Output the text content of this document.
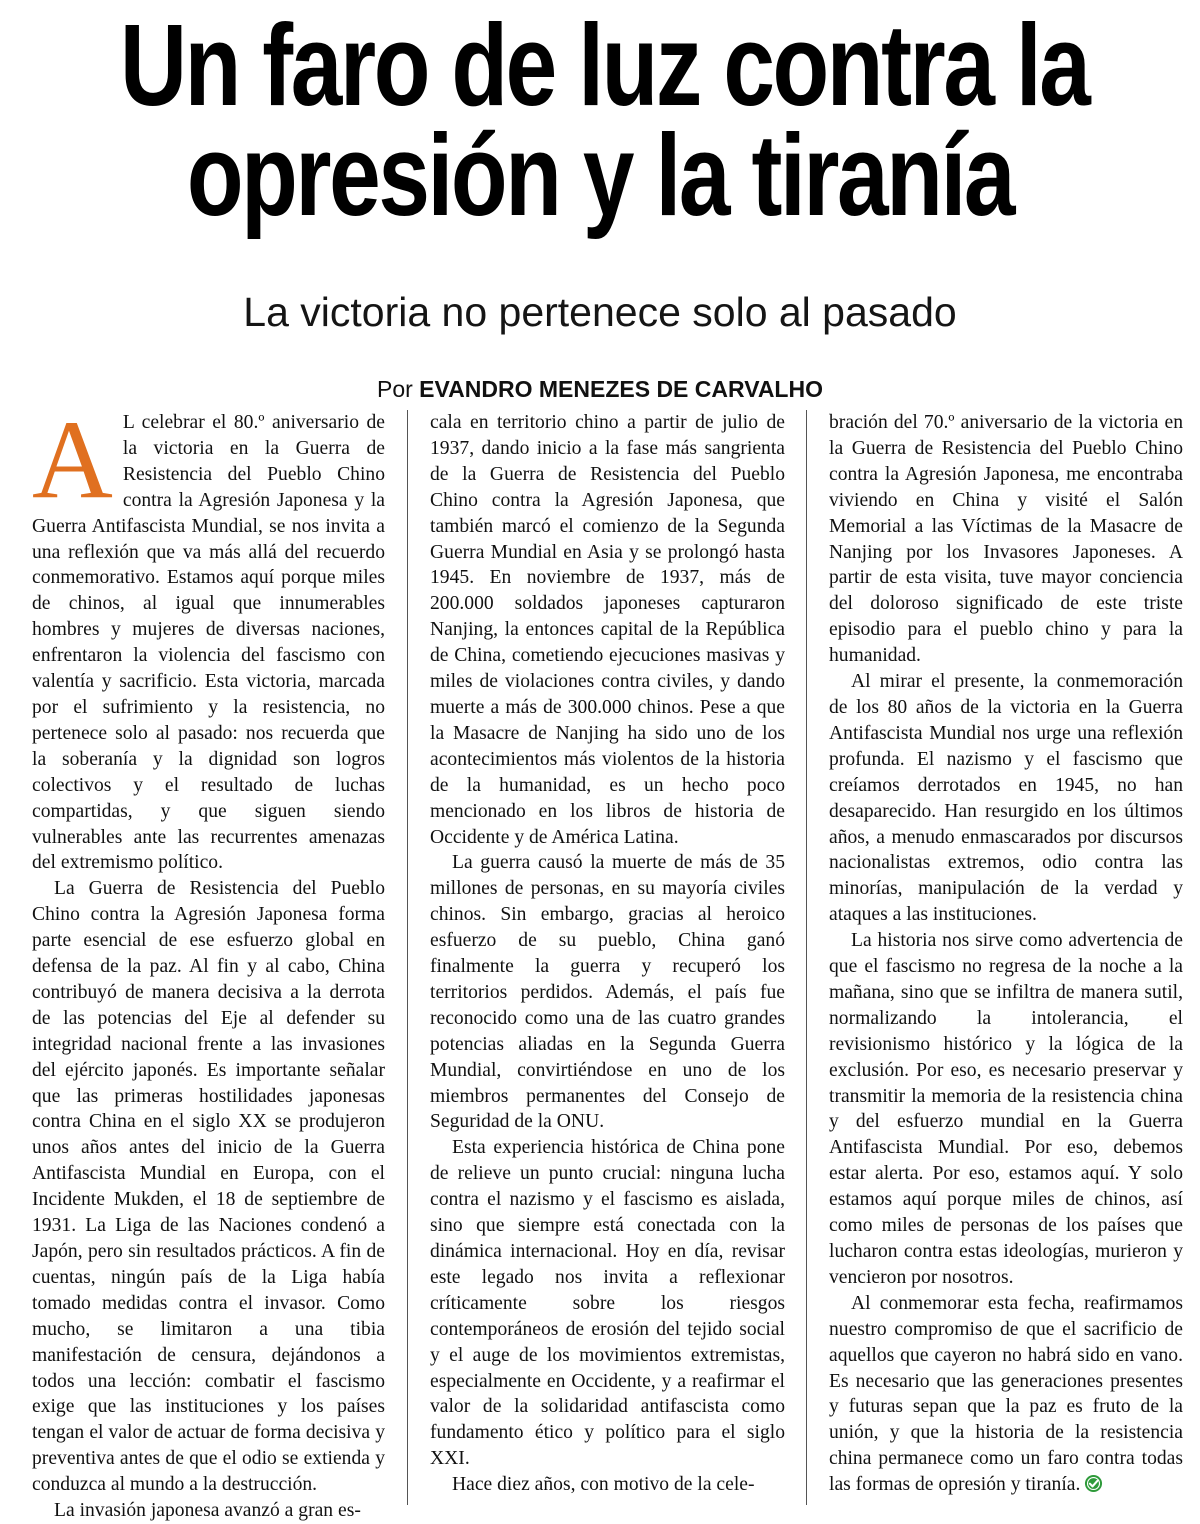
Un faro de luz contra la
opresión y la tiranía
La victoria no pertenece solo al pasado
Por EVANDRO MENEZES DE CARVALHO

A L celebrar el 80.º aniversario de la victoria en la Guerra de Resistencia del Pueblo Chino contra la Agresión Japonesa y la Guerra Antifascista Mundial, se nos invita a una reflexión que va más allá del recuerdo conmemorativo. Estamos aquí porque miles de chinos, al igual que innumerables hombres y mujeres de diversas naciones, enfrentaron la violencia del fascismo con valentía y sacrificio. Esta victoria, marcada por el sufrimiento y la resistencia, no pertenece solo al pasado: nos recuerda que la soberanía y la dignidad son logros colectivos y el resultado de luchas compartidas, y que siguen siendo vulnerables ante las recurrentes amenazas del extremismo político.

La Guerra de Resistencia del Pueblo Chino contra la Agresión Japonesa forma parte esencial de ese esfuerzo global en defensa de la paz. Al fin y al cabo, China contribuyó de manera decisiva a la derrota de las potencias del Eje al defender su integridad nacional frente a las invasiones del ejército japonés. Es importante señalar que las primeras hostilidades japonesas contra China en el siglo XX se produjeron unos años antes del inicio de la Guerra Antifascista Mundial en Europa, con el Incidente Mukden, el 18 de septiembre de 1931. La Liga de las Naciones condenó a Japón, pero sin resultados prácticos. A fin de cuentas, ningún país de la Liga había tomado medidas contra el invasor. Como mucho, se limitaron a una tibia manifestación de censura, dejándonos a todos una lección: combatir el fascismo exige que las instituciones y los países tengan el valor de actuar de forma decisiva y preventiva antes de que el odio se extienda y conduzca al mundo a la destrucción.

La invasión japonesa avanzó a gran es-

cala en territorio chino a partir de julio de 1937, dando inicio a la fase más sangrienta de la Guerra de Resistencia del Pueblo Chino contra la Agresión Japonesa, que también marcó el comienzo de la Segunda Guerra Mundial en Asia y se prolongó hasta 1945. En noviembre de 1937, más de 200.000 soldados japoneses capturaron Nanjing, la entonces capital de la República de China, cometiendo ejecuciones masivas y miles de violaciones contra civiles, y dando muerte a más de 300.000 chinos. Pese a que la Masacre de Nanjing ha sido uno de los acontecimientos más violentos de la historia de la humanidad, es un hecho poco mencionado en los libros de historia de Occidente y de América Latina.

La guerra causó la muerte de más de 35 millones de personas, en su mayoría civiles chinos. Sin embargo, gracias al heroico esfuerzo de su pueblo, China ganó finalmente la guerra y recuperó los territorios perdidos. Además, el país fue reconocido como una de las cuatro grandes potencias aliadas en la Segunda Guerra Mundial, convirtiéndose en uno de los miembros permanentes del Consejo de Seguridad de la ONU.

Esta experiencia histórica de China pone de relieve un punto crucial: ninguna lucha contra el nazismo y el fascismo es aislada, sino que siempre está conectada con la dinámica internacional. Hoy en día, revisar este legado nos invita a reflexionar críticamente sobre los riesgos contemporáneos de erosión del tejido social y el auge de los movimientos extremistas, especialmente en Occidente, y a reafirmar el valor de la solidaridad antifascista como fundamento ético y político para el siglo XXI.

Hace diez años, con motivo de la cele-

bración del 70.º aniversario de la victoria en la Guerra de Resistencia del Pueblo Chino contra la Agresión Japonesa, me encontraba viviendo en China y visité el Salón Memorial a las Víctimas de la Masacre de Nanjing por los Invasores Japoneses. A partir de esta visita, tuve mayor conciencia del doloroso significado de este triste episodio para el pueblo chino y para la humanidad.

Al mirar el presente, la conmemoración de los 80 años de la victoria en la Guerra Antifascista Mundial nos urge una reflexión profunda. El nazismo y el fascismo que creíamos derrotados en 1945, no han desaparecido. Han resurgido en los últimos años, a menudo enmascarados por discursos nacionalistas extremos, odio contra las minorías, manipulación de la verdad y ataques a las instituciones.

La historia nos sirve como advertencia de que el fascismo no regresa de la noche a la mañana, sino que se infiltra de manera sutil, normalizando la intolerancia, el revisionismo histórico y la lógica de la exclusión. Por eso, es necesario preservar y transmitir la memoria de la resistencia china y del esfuerzo mundial en la Guerra Antifascista Mundial. Por eso, debemos estar alerta. Por eso, estamos aquí. Y solo estamos aquí porque miles de chinos, así como miles de personas de los países que lucharon contra estas ideologías, murieron y vencieron por nosotros.

Al conmemorar esta fecha, reafirmamos nuestro compromiso de que el sacrificio de aquellos que cayeron no habrá sido en vano. Es necesario que las generaciones presentes y futuras sepan que la paz es fruto de la unión, y que la historia de la resistencia china permanece como un faro contra todas las formas de opresión y tiranía.
